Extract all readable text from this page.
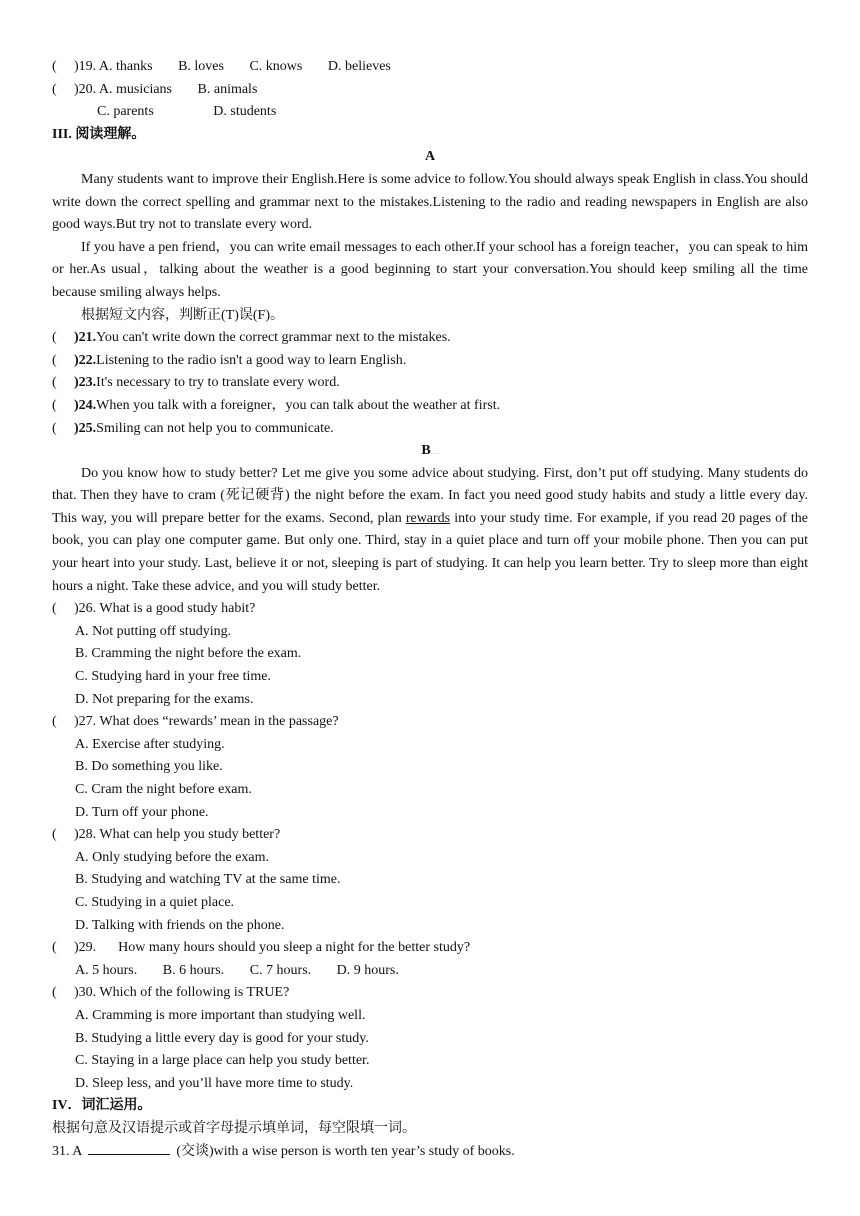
( )19. A. thanks B. loves C. knows D. believes
( )20. A. musicians B. animals
C. parents	D. students
III. 阅读理解。
A

Many students want to improve their English.Here is some advice to follow.You should always speak English in class.You should write down the correct spelling and grammar next to the mistakes.Listening to the radio and reading newspapers in English are also good ways.But try not to translate every word.

If you have a pen friend，you can write email messages to each other.If your school has a foreign teacher，you can speak to him or her.As usual，talking about the weather is a good beginning to start your conversation.You should keep smiling all the time because smiling always helps.

根据短文内容，判断正(T)误(F)。

( )21.You can't write down the correct grammar next to the mistakes.
( )22.Listening to the radio isn't a good way to learn English.
( )23.It's necessary to try to translate every word.
( )24.When you talk with a foreigner，you can talk about the weather at first.
( )25.Smiling can not help you to communicate.
B……

Do you know how to study better? Let me give you some advice about studying. First, don’t put off studying. Many students do that. Then they have to cram (死记硬背) the night before the exam. In fact you need good study habits and study a little every day. This way, you will prepare better for the exams. Second, plan rewards into your study time. For example, if you read 20 pages of the book, you can play one computer game. But only one. Third, stay in a quiet place and turn off your mobile phone. Then you can put your heart into your study. Last, believe it or not, sleeping is part of studying. It can help you learn better. Try to sleep more than eight hours a night. Take these advice, and you will study better.

( )26. What is a good study habit?
A. Not putting off studying.
B. Cramming the night before the exam.
C. Studying hard in your free time.
D. Not preparing for the exams.
( )27. What does “rewards’ mean in the passage?
A. Exercise after studying.
B. Do something you like.
C. Cram the night before exam.
D. Turn off your phone.
( )28. What can help you study better?
A. Only studying before the exam.
B. Studying and watching TV at the same time.
C. Studying in a quiet place.
D. Talking with friends on the phone.
( )29. How many hours should you sleep a night for the better study?
A. 5 hours. B. 6 hours. C. 7 hours. D. 9 hours.
( )30. Which of the following is TRUE?
A. Cramming is more important than studying well.
B. Studying a little every day is good for your study.
C. Staying in a large place can help you study better.
D. Sleep less, and you’ll have more time to study.
IV．词汇运用。
根据句意及汉语提示或首字母提示填单词，每空限填一词。
31. A	(交谈)with a wise person is worth ten year’s study of books.
